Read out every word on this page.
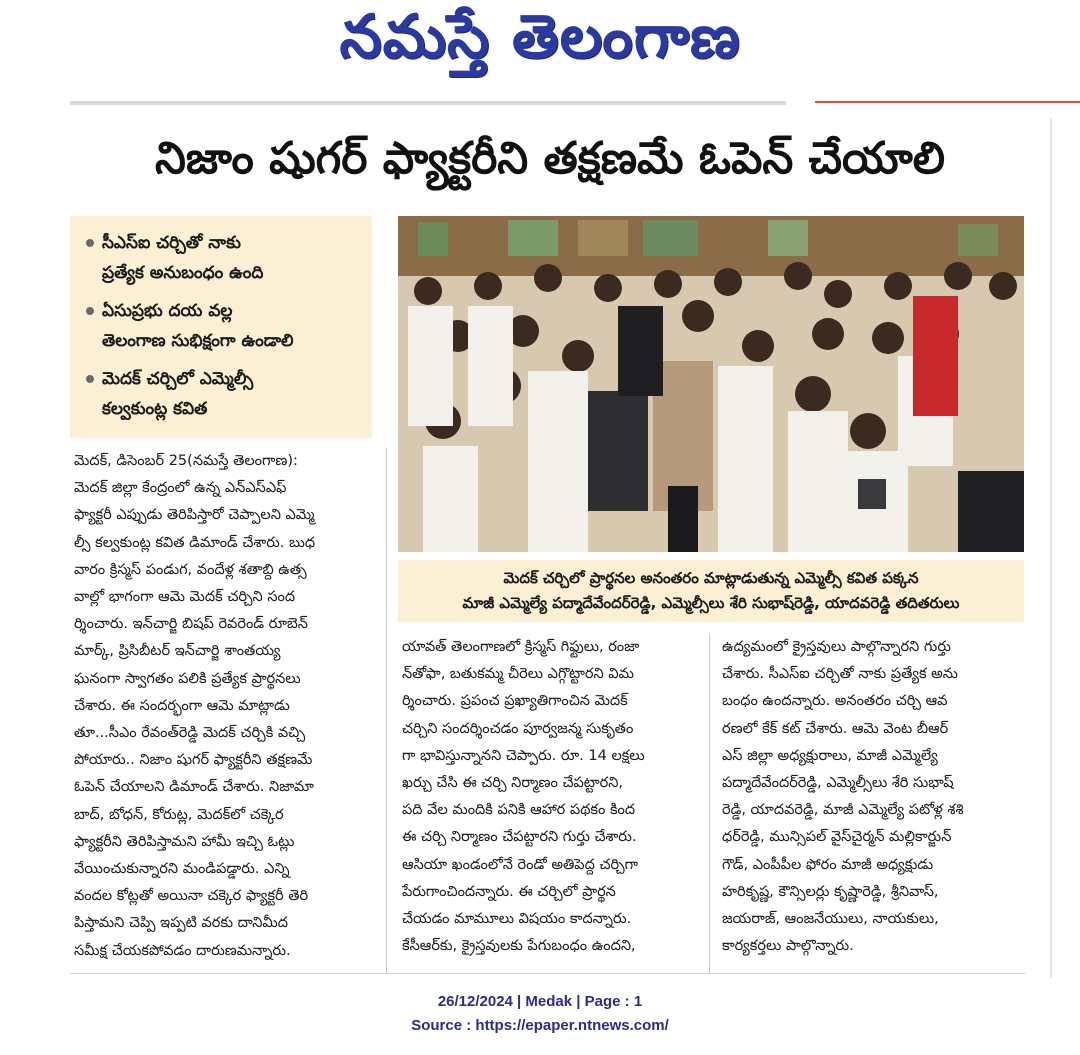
నమస్తే తెలంగాణ
నిజాం షుగర్‌ ఫ్యాక్టరీని తక్షణమే ఓపెన్‌ చేయాలి
సీఎస్‌ఐ చర్చితో నాకు
ప్రత్యేక అనుబంధం ఉంది
ఏసుప్రభు దయ వల్ల
తెలంగాణ సుభిక్షంగా ఉండాలి
మెదక్‌ చర్చిలో ఎమ్మెల్సీ
కల్వకుంట్ల కవిత
మెదక్‌ చర్చిలో ప్రార్థనల అనంతరం మాట్లాడుతున్న ఎమ్మెల్సీ కవిత పక్కన
మాజీ ఎమ్మెల్యే పద్మాదేవేందర్‌రెడ్డి, ఎమ్మెల్సీలు శేరి సుభాష్‌రెడ్డి, యాదవరెడ్డి తదితరులు
మెదక్‌, డిసెంబర్‌ 25(నమస్తే తెలంగాణ):
మెదక్‌ జిల్లా కేంద్రంలో ఉన్న ఎన్‌ఎస్‌ఎఫ్‌
ఫ్యాక్టరీ ఎప్పుడు తెరిపిస్తారో చెప్పాలని ఎమ్మె
ల్సీ కల్వకుంట్ల కవిత డిమాండ్‌ చేశారు. బుధ
వారం క్రిస్మస్‌ పండుగ, వందేళ్ల శతాబ్ది ఉత్స
వాల్లో భాగంగా ఆమె మెదక్‌ చర్చిని సంద
ర్శించారు. ఇన్‌చార్జి బిషప్‌ రెవరెండ్‌ రూబెన్‌
మార్క్‌, ప్రిసిబీటర్‌ ఇన్‌చార్జి శాంతయ్య
ఘనంగా స్వాగతం పలికి ప్రత్యేక ప్రార్థనలు
చేశారు. ఈ సందర్భంగా ఆమె మాట్లాడు
తూ...సీఎం రేవంత్‌రెడ్డి మెదక్‌ చర్చికి వచ్చి
పోయారు.. నిజాం షుగర్‌ ఫ్యాక్టరీని తక్షణమే
ఓపెన్‌ చేయాలని డిమాండ్‌ చేశారు. నిజామా
బాద్‌, బోధన్‌, కోరుట్ల, మెదక్‌లో చక్కెర
ఫ్యాక్టరీని తెరిపిస్తామని హామీ ఇచ్చి ఓట్లు
వేయించుకున్నారని మండిపడ్డారు. ఎన్ని
వందల కోట్లతో అయినా చక్కెర ఫ్యాక్టరీ తెరి
పిస్తామని చెప్పి ఇప్పటి వరకు దానిమీద
సమీక్ష చేయకపోవడం దారుణమన్నారు.
యావత్‌ తెలంగాణలో క్రిస్మస్‌ గిఫ్టులు, రంజా
న్‌తోఫా, బతుకమ్మ చీరెలు ఎగ్గొట్టారని విమ
ర్శించారు. ప్రపంచ ప్రఖ్యాతిగాంచిన మెదక్‌
చర్చిని సందర్శించడం పూర్వజన్మ సుకృతం
గా భావిస్తున్నానని చెప్పారు. రూ. 14 లక్షలు
ఖర్చు చేసి ఈ చర్చి నిర్మాణం చేపట్టారని,
పది వేల మందికి పనికి ఆహార పథకం కింద
ఈ చర్చి నిర్మాణం చేపట్టారని గుర్తు చేశారు.
ఆసియా ఖండంలోనే రెండో అతిపెద్ద చర్చిగా
పేరుగాంచిందన్నారు. ఈ చర్చిలో ప్రార్థన
చేయడం మామూలు విషయం కాదన్నారు.
కేసీఆర్‌కు, క్రైస్తవులకు పేగుబంధం ఉందని,
ఉద్యమంలో క్రైస్తవులు పాల్గొన్నారని గుర్తు
చేశారు. సీఎస్‌ఐ చర్చితో నాకు ప్రత్యేక అను
బంధం ఉందన్నారు. అనంతరం చర్చి ఆవ
రణలో కేక్‌ కట్‌ చేశారు. ఆమె వెంట బీఆర్‌
ఎస్‌ జిల్లా అధ్యక్షురాలు, మాజీ ఎమ్మెల్యే
పద్మాదేవేందర్‌రెడ్డి, ఎమ్మెల్సీలు శేరి సుభాష్‌
రెడ్డి, యాదవరెడ్డి, మాజీ ఎమ్మెల్యే పటోళ్ల శశి
ధర్‌రెడ్డి, మున్సిపల్‌ వైస్‌చైర్మన్‌ మల్లికార్జున్‌
గౌడ్‌, ఎంపీపీల ఫోరం మాజీ అధ్యక్షుడు
హరికృష్ణ, కౌన్సిలర్లు కృష్ణారెడ్డి, శ్రీనివాస్‌,
జయరాజ్‌, ఆంజనేయులు, నాయకులు,
కార్యకర్తలు పాల్గొన్నారు.
26/12/2024 | Medak | Page : 1
Source : https://epaper.ntnews.com/
